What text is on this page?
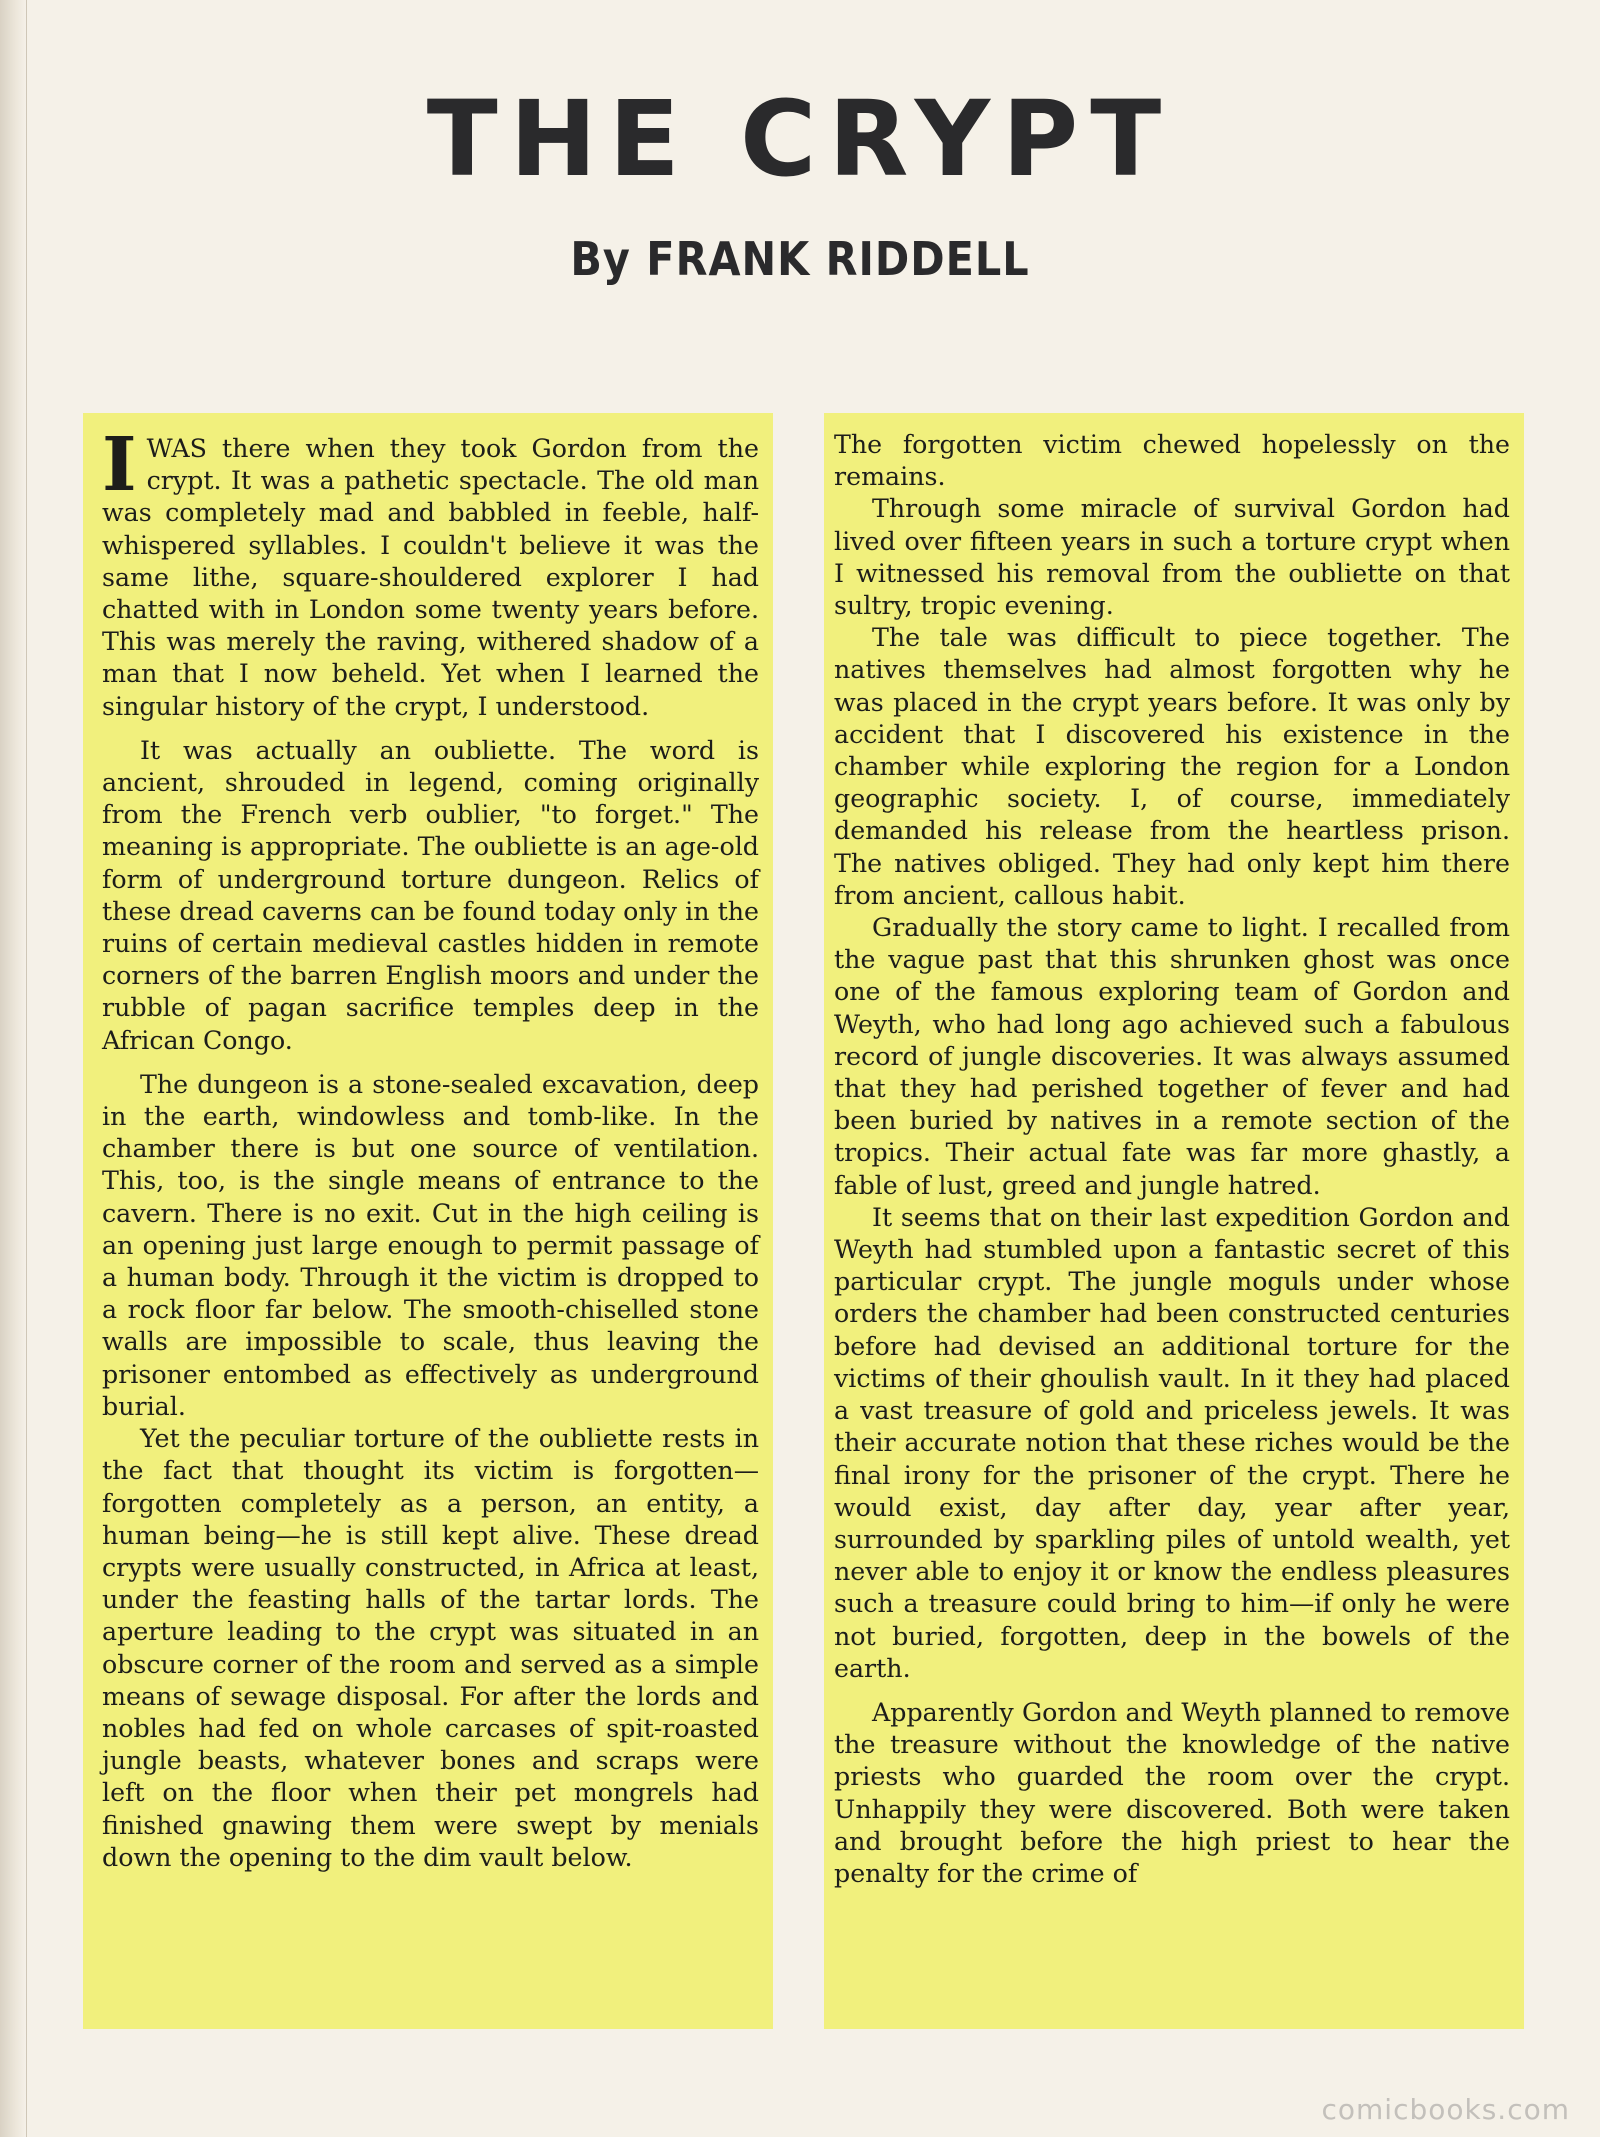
THE CRYPT
By FRANK RIDDELL

I WAS there when they took Gordon from the crypt. It was a pathetic spectacle. The old man was completely mad and babbled in feeble, half-whispered syllables. I couldn't believe it was the same lithe, square-shouldered explorer I had chatted with in London some twenty years before. This was merely the raving, withered shadow of a man that I now beheld. Yet when I learned the singular history of the crypt, I understood.

It was actually an oubliette. The word is ancient, shrouded in legend, coming originally from the French verb oublier, "to forget." The meaning is appropriate. The oubliette is an age-old form of underground torture dungeon. Relics of these dread caverns can be found today only in the ruins of certain medieval castles hidden in remote corners of the barren English moors and under the rubble of pagan sacrifice temples deep in the African Congo.

The dungeon is a stone-sealed excavation, deep in the earth, windowless and tomb-like. In the chamber there is but one source of ventilation. This, too, is the single means of entrance to the cavern. There is no exit. Cut in the high ceiling is an opening just large enough to permit passage of a human body. Through it the victim is dropped to a rock floor far below. The smooth-chiselled stone walls are impossible to scale, thus leaving the prisoner entombed as effectively as underground burial.

Yet the peculiar torture of the oubliette rests in the fact that thought its victim is forgotten—forgotten completely as a person, an entity, a human being—he is still kept alive. These dread crypts were usually constructed, in Africa at least, under the feasting halls of the tartar lords. The aperture leading to the crypt was situated in an obscure corner of the room and served as a simple means of sewage disposal. For after the lords and nobles had fed on whole carcases of spit-roasted jungle beasts, whatever bones and scraps were left on the floor when their pet mongrels had finished gnawing them were swept by menials down the opening to the dim vault below.

The forgotten victim chewed hopelessly on the remains.

Through some miracle of survival Gordon had lived over fifteen years in such a torture crypt when I witnessed his removal from the oubliette on that sultry, tropic evening.

The tale was difficult to piece together. The natives themselves had almost forgotten why he was placed in the crypt years before. It was only by accident that I discovered his existence in the chamber while exploring the region for a London geographic society. I, of course, immediately demanded his release from the heartless prison. The natives obliged. They had only kept him there from ancient, callous habit.

Gradually the story came to light. I recalled from the vague past that this shrunken ghost was once one of the famous exploring team of Gordon and Weyth, who had long ago achieved such a fabulous record of jungle discoveries. It was always assumed that they had perished together of fever and had been buried by natives in a remote section of the tropics. Their actual fate was far more ghastly, a fable of lust, greed and jungle hatred.

It seems that on their last expedition Gordon and Weyth had stumbled upon a fantastic secret of this particular crypt. The jungle moguls under whose orders the chamber had been constructed centuries before had devised an additional torture for the victims of their ghoulish vault. In it they had placed a vast treasure of gold and priceless jewels. It was their accurate notion that these riches would be the final irony for the prisoner of the crypt. There he would exist, day after day, year after year, surrounded by sparkling piles of untold wealth, yet never able to enjoy it or know the endless pleasures such a treasure could bring to him—if only he were not buried, forgotten, deep in the bowels of the earth.

Apparently Gordon and Weyth planned to remove the treasure without the knowledge of the native priests who guarded the room over the crypt. Unhappily they were discovered. Both were taken and brought before the high priest to hear the penalty for the crime of

comicbooks.com
